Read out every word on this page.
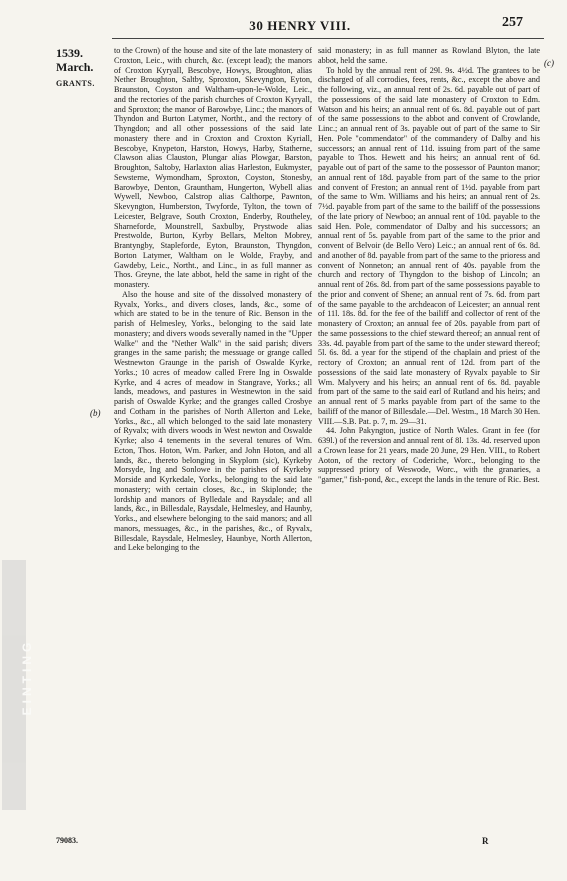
30 HENRY VIII.	257
1539.
March.
GRANTS.
(b)
(c)

to the Crown) of the house and site of the late monastery of Croxton, Leic., with church, &c. (except lead); the manors of Croxton Kyryall, Bescobye, Howys, Broughton, alias Nether Broughton, Saltby, Sproxton, Skevyngton, Eyton, Braunston, Coyston and Waltham-upon-le-Wolde, Leic., and the rectories of the parish churches of Croxton Kyryall, and Sproxton; the manor of Barowbye, Linc.; the manors of Thyndon and Burton Latymer, Northt., and the rectory of Thyngdon; and all other possessions of the said late monastery there and in Croxton and Croxton Kyriall, Bescobye, Knypeton, Harston, Howys, Harby, Statherne, Clawson alias Clauston, Plungar alias Plowgar, Barston, Broughton, Saltoby, Harlaxton alias Harleston, Eukmyster, Sewsterne, Wymondham, Sproxton, Coyston, Stonesby, Barowbye, Denton, Grauntham, Hungerton, Wybell alias Wywell, Newboo, Calstrop alias Calthorpe, Pawnton, Skevyngton, Humberston, Twyforde, Tylton, the town of Leicester, Belgrave, South Croxton, Enderby, Routheley, Sharneforde, Mounstrell, Saxbulby, Prystwode alias Prestwolde, Burton, Kyrby Bellars, Melton Mobrey, Brantyngby, Stapleforde, Eyton, Braunston, Thyngdon, Borton Latymer, Waltham on le Wolde, Frayby, and Gawdeby, Leic., Northt., and Linc., in as full manner as Thos. Greyne, the late abbot, held the same in right of the monastery.

Also the house and site of the dissolved monastery of Ryvalx, Yorks., and divers closes, lands, &c., some of which are stated to be in the tenure of Ric. Benson in the parish of Helmesley, Yorks., belonging to the said late monastery; and divers woods severally named in the "Upper Walke" and the "Nether Walk" in the said parish; divers granges in the same parish; the messuage or grange called Westnewton Graunge in the parish of Oswalde Kyrke, Yorks.; 10 acres of meadow called Frere Ing in Oswalde Kyrke, and 4 acres of meadow in Stangrave, Yorks.; all lands, meadows, and pastures in Westnewton in the said parish of Oswalde Kyrke; and the granges called Crosbye and Cotham in the parishes of North Allerton and Leke, Yorks., &c., all which belonged to the said late monastery of Ryvalx; with divers woods in West newton and Oswalde Kyrke; also 4 tenements in the several tenures of Wm. Ecton, Thos. Hoton, Wm. Parker, and John Hoton, and all lands, &c., thereto belonging in Skyplom (sic), Kyrkeby Morsyde, Ing and Sonlowe in the parishes of Kyrkeby Morside and Kyrkedale, Yorks., belonging to the said late monastery; with certain closes, &c., in Skiplonde; the lordship and manors of Bylledale and Raysdale; and all lands, &c., in Billesdale, Raysdale, Helmesley, and Haunby, Yorks., and elsewhere belonging to the said manors; and all manors, messuages, &c., in the parishes, &c., of Ryvalx, Billesdale, Raysdale, Helmesley, Haunbye, North Allerton, and Leke belonging to the

said monastery; in as full manner as Rowland Blyton, the late abbot, held the same.

To hold by the annual rent of 29l. 9s. 4½d. The grantees to be discharged of all corrodies, fees, rents, &c., except the above and the following, viz., an annual rent of 2s. 6d. payable out of part of the possessions of the said late monastery of Croxton to Edm. Watson and his heirs; an annual rent of 6s. 8d. payable out of part of the same possessions to the abbot and convent of Crowlande, Linc.; an annual rent of 3s. payable out of part of the same to Sir Hen. Pole "commendator" of the commandery of Dalby and his successors; an annual rent of 11d. issuing from part of the same payable to Thos. Hewett and his heirs; an annual rent of 6d. payable out of part of the same to the possessor of Paunton manor; an annual rent of 18d. payable from part of the same to the prior and convent of Freston; an annual rent of 1½d. payable from part of the same to Wm. Williams and his heirs; an annual rent of 2s. 7½d. payable from part of the same to the bailiff of the possessions of the late priory of Newboo; an annual rent of 10d. payable to the said Hen. Pole, commendator of Dalby and his successors; an annual rent of 5s. payable from part of the same to the prior and convent of Belvoir (de Bello Vero) Leic.; an annual rent of 6s. 8d. and another of 8d. payable from part of the same to the prioress and convent of Nonneton; an annual rent of 40s. payable from the church and rectory of Thyngdon to the bishop of Lincoln; an annual rent of 26s. 8d. from part of the same possessions payable to the prior and convent of Shene; an annual rent of 7s. 6d. from part of the same payable to the archdeacon of Leicester; an annual rent of 11l. 18s. 8d. for the fee of the bailiff and collector of rent of the monastery of Croxton; an annual fee of 20s. payable from part of the same possessions to the chief steward thereof; an annual rent of 33s. 4d. payable from part of the same to the under steward thereof; 5l. 6s. 8d. a year for the stipend of the chaplain and priest of the rectory of Croxton; an annual rent of 12d. from part of the possessions of the said late monastery of Ryvalx payable to Sir Wm. Malyvery and his heirs; an annual rent of 6s. 8d. payable from part of the same to the said earl of Rutland and his heirs; and an annual rent of 5 marks payable from part of the same to the bailiff of the manor of Billesdale.—Del. Westm., 18 March 30 Hen. VIII.—S.B. Pat. p. 7, m. 29—31.

44. John Pakyngton, justice of North Wales. Grant in fee (for 639l.) of the reversion and annual rent of 8l. 13s. 4d. reserved upon a Crown lease for 21 years, made 20 June, 29 Hen. VIII., to Robert Aoton, of the rectory of Coderiche, Worc., belonging to the suppressed priory of Weswode, Worc., with the granaries, a "garner," fish-pond, &c., except the lands in the tenure of Ric. Best.

EINTING
79083.	R
